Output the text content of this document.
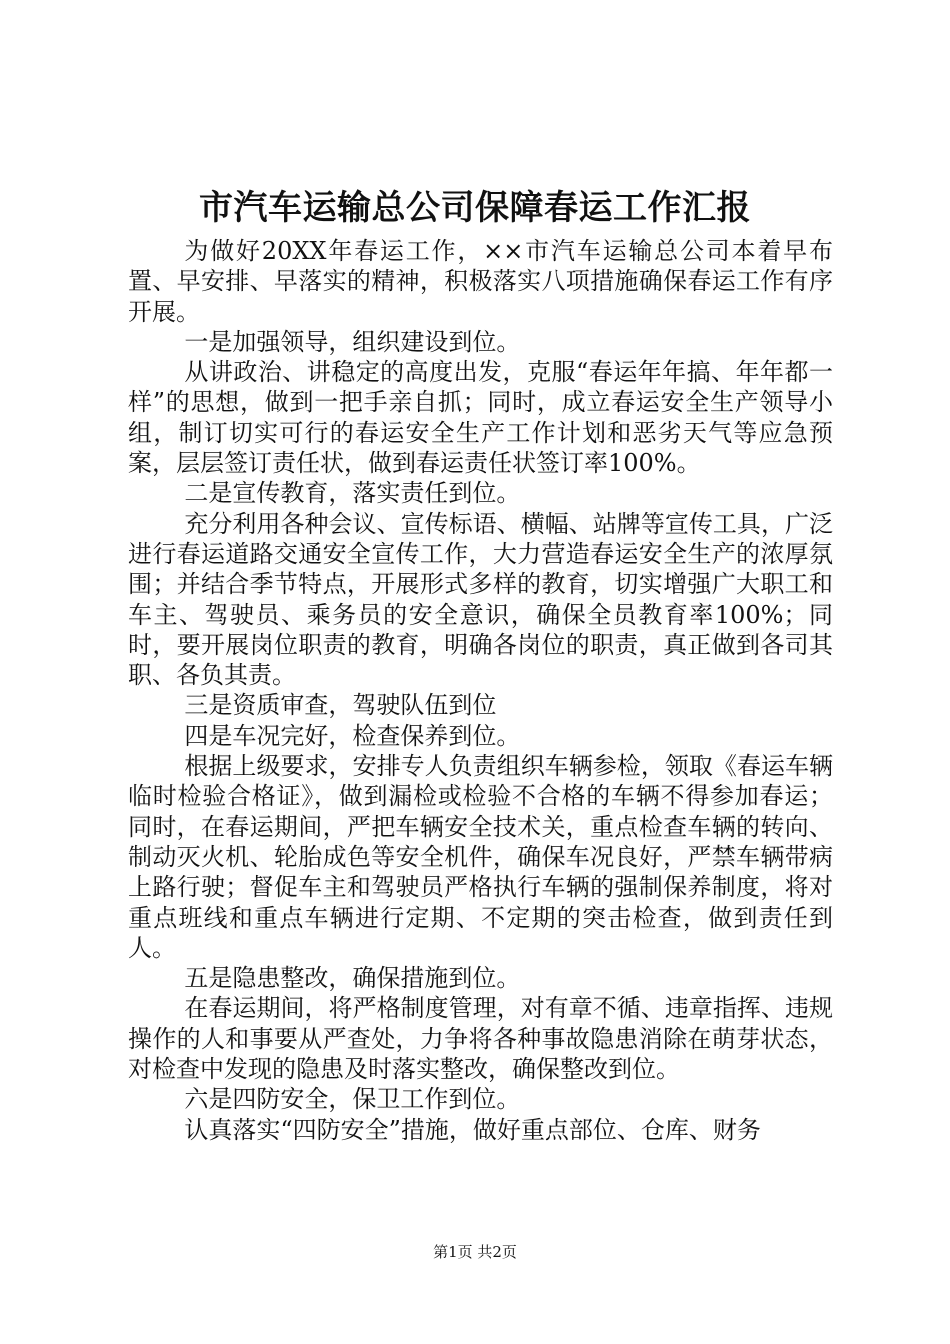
市汽车运输总公司保障春运工作汇报

为做好20XX年春运工作，××市汽车运输总公司本着早布置、早安排、早落实的精神，积极落实八项措施确保春运工作有序开展。

一是加强领导，组织建设到位。

从讲政治、讲稳定的高度出发，克服“春运年年搞、年年都一样”的思想，做到一把手亲自抓；同时，成立春运安全生产领导小组，制订切实可行的春运安全生产工作计划和恶劣天气等应急预案，层层签订责任状，做到春运责任状签订率100%。

二是宣传教育，落实责任到位。

充分利用各种会议、宣传标语、横幅、站牌等宣传工具，广泛进行春运道路交通安全宣传工作，大力营造春运安全生产的浓厚氛围；并结合季节特点，开展形式多样的教育，切实增强广大职工和车主、驾驶员、乘务员的安全意识，确保全员教育率100%；同时，要开展岗位职责的教育，明确各岗位的职责，真正做到各司其职、各负其责。

三是资质审查，驾驶队伍到位

四是车况完好，检查保养到位。

根据上级要求，安排专人负责组织车辆参检，领取《春运车辆临时检验合格证》，做到漏检或检验不合格的车辆不得参加春运；同时，在春运期间，严把车辆安全技术关，重点检查车辆的转向、制动灭火机、轮胎成色等安全机件，确保车况良好，严禁车辆带病上路行驶；督促车主和驾驶员严格执行车辆的强制保养制度，将对重点班线和重点车辆进行定期、不定期的突击检查，做到责任到人。

五是隐患整改，确保措施到位。

在春运期间，将严格制度管理，对有章不循、违章指挥、违规操作的人和事要从严查处，力争将各种事故隐患消除在萌芽状态，对检查中发现的隐患及时落实整改，确保整改到位。

六是四防安全，保卫工作到位。

认真落实“四防安全”措施，做好重点部位、仓库、财务

第1页 共2页
